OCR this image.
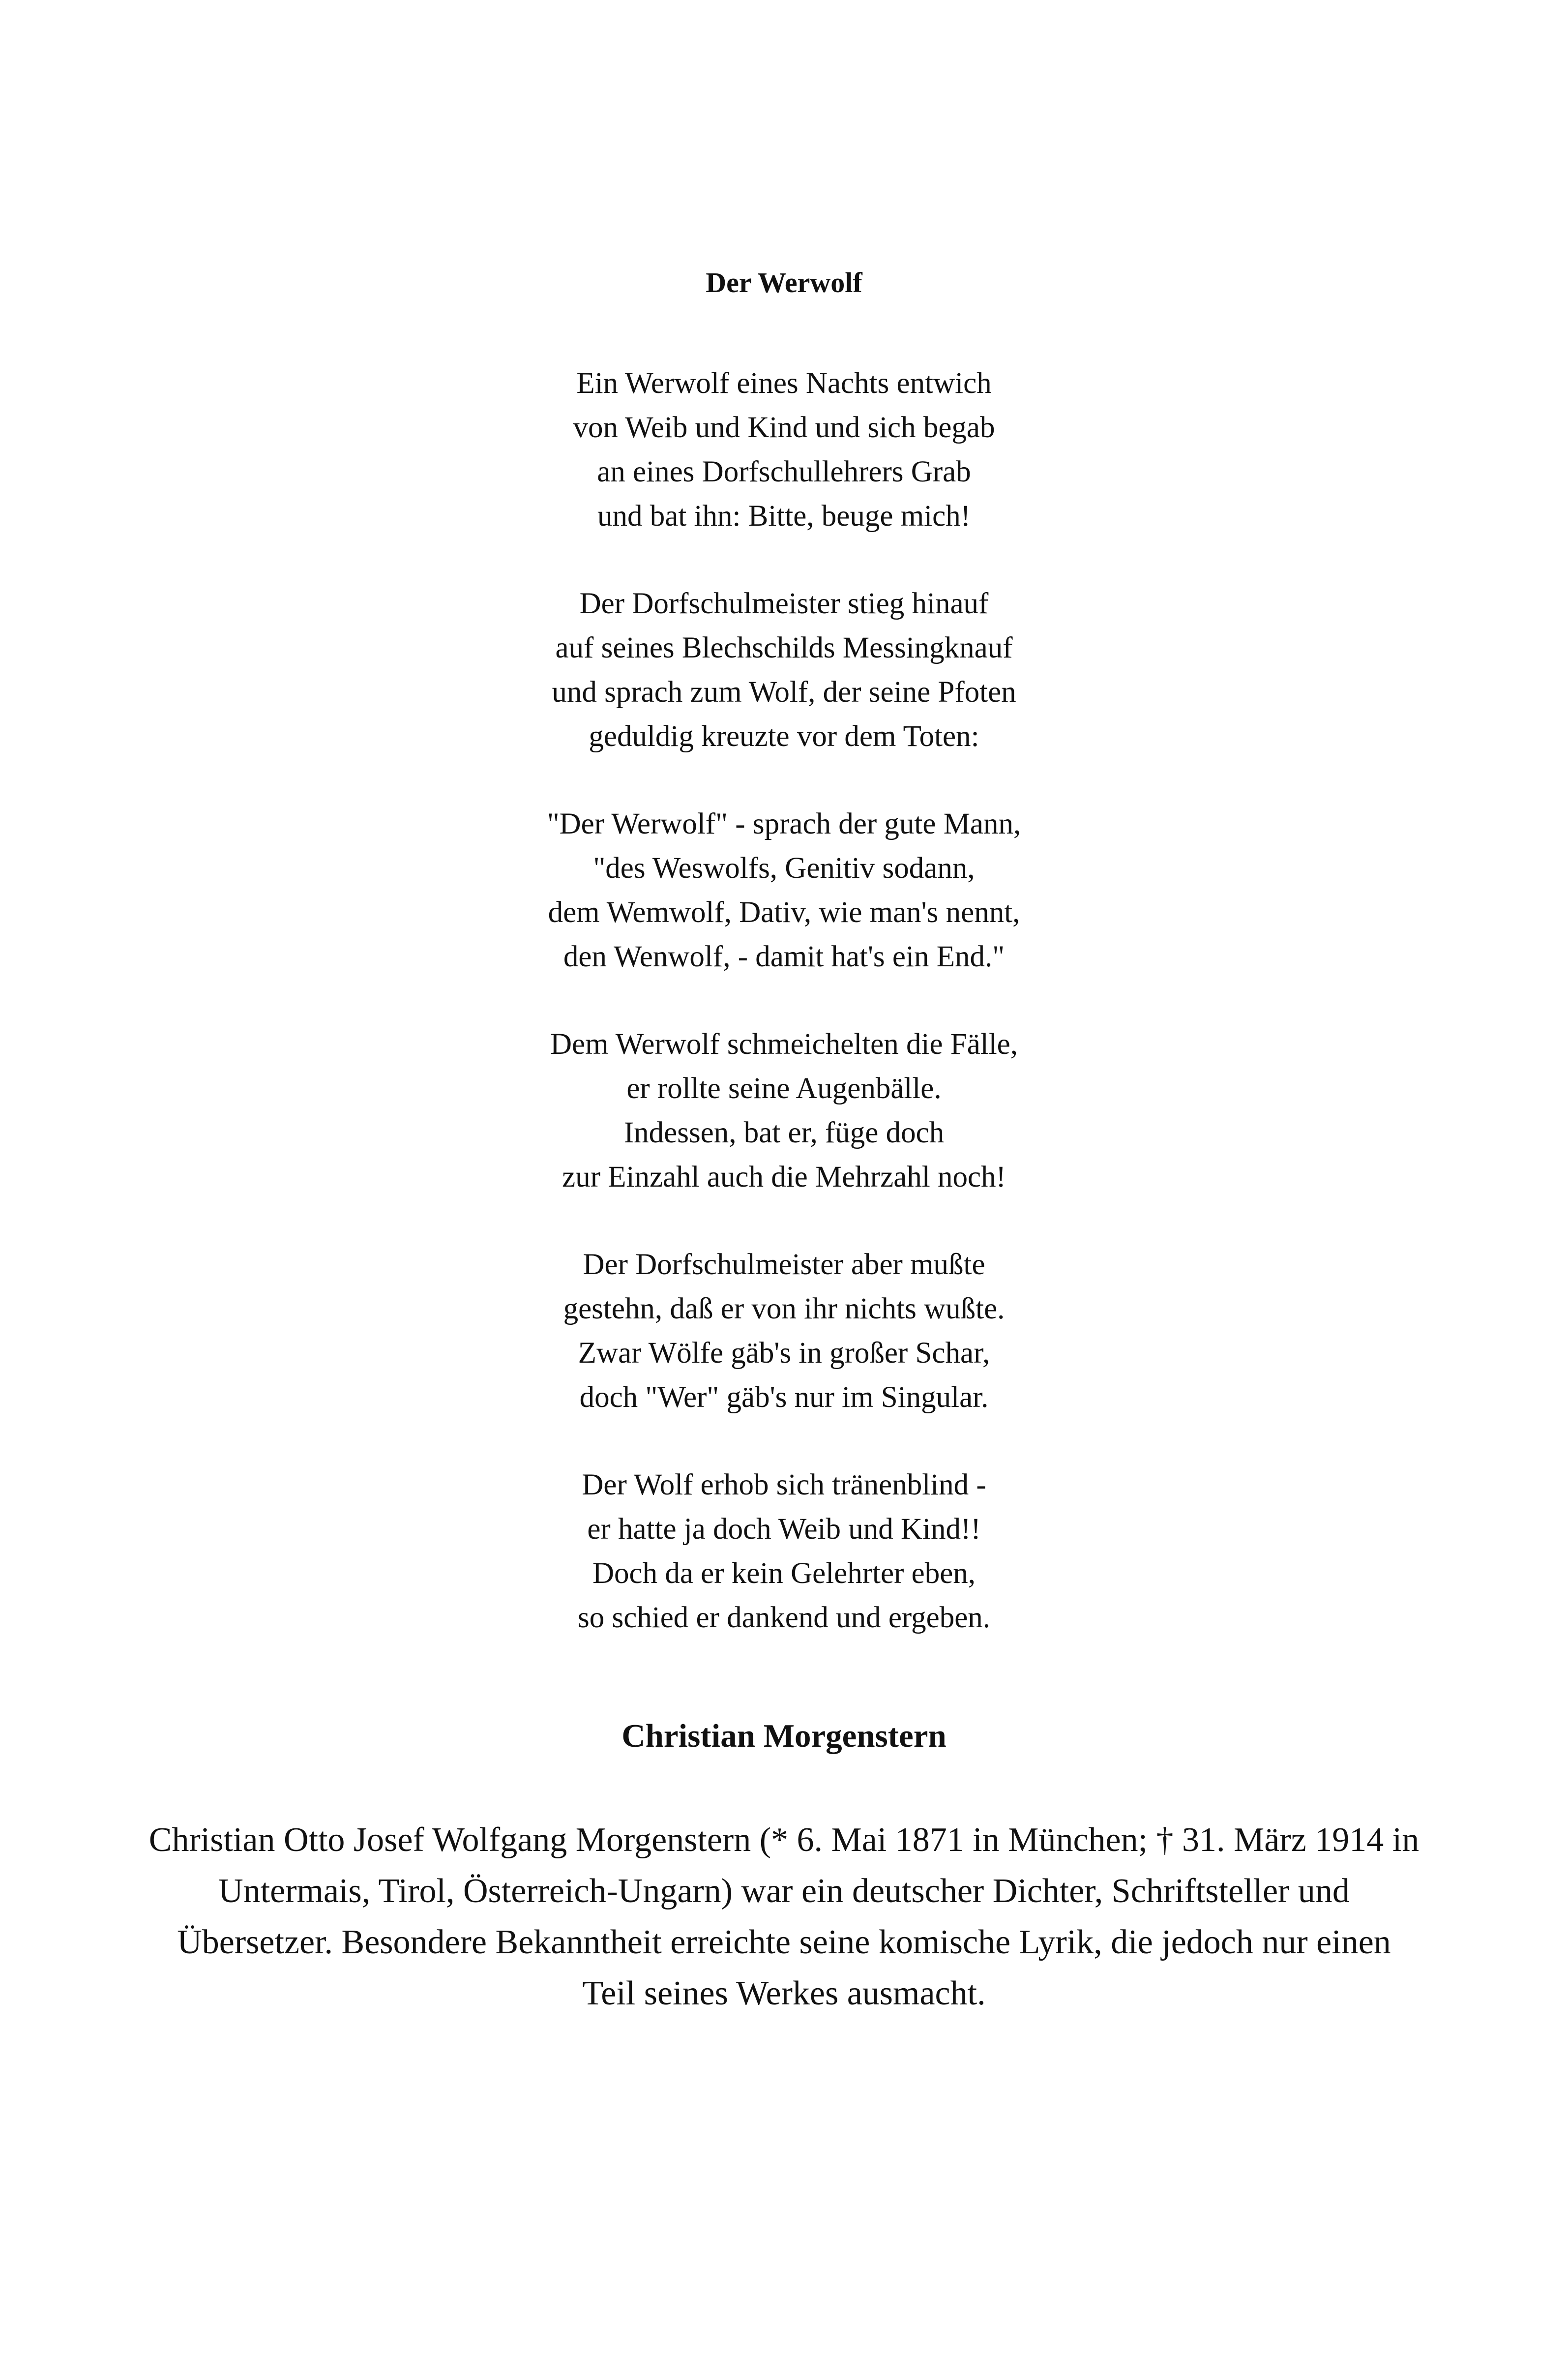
Der Werwolf
Ein Werwolf eines Nachts entwich
von Weib und Kind und sich begab
an eines Dorfschullehrers Grab
und bat ihn: Bitte, beuge mich!
Der Dorfschulmeister stieg hinauf
auf seines Blechschilds Messingknauf
und sprach zum Wolf, der seine Pfoten
geduldig kreuzte vor dem Toten:
"Der Werwolf" - sprach der gute Mann,
"des Weswolfs, Genitiv sodann,
dem Wemwolf, Dativ, wie man's nennt,
den Wenwolf, - damit hat's ein End."
Dem Werwolf schmeichelten die Fälle,
er rollte seine Augenbälle.
Indessen, bat er, füge doch
zur Einzahl auch die Mehrzahl noch!
Der Dorfschulmeister aber mußte
gestehn, daß er von ihr nichts wußte.
Zwar Wölfe gäb's in großer Schar,
doch "Wer" gäb's nur im Singular.
Der Wolf erhob sich tränenblind -
er hatte ja doch Weib und Kind!!
Doch da er kein Gelehrter eben,
so schied er dankend und ergeben.
Christian Morgenstern

Christian Otto Josef Wolfgang Morgenstern (* 6. Mai 1871 in München; † 31. März 1914 in Untermais, Tirol, Österreich-Ungarn) war ein deutscher Dichter, Schriftsteller und Übersetzer. Besondere Bekanntheit erreichte seine komische Lyrik, die jedoch nur einen Teil seines Werkes ausmacht.
